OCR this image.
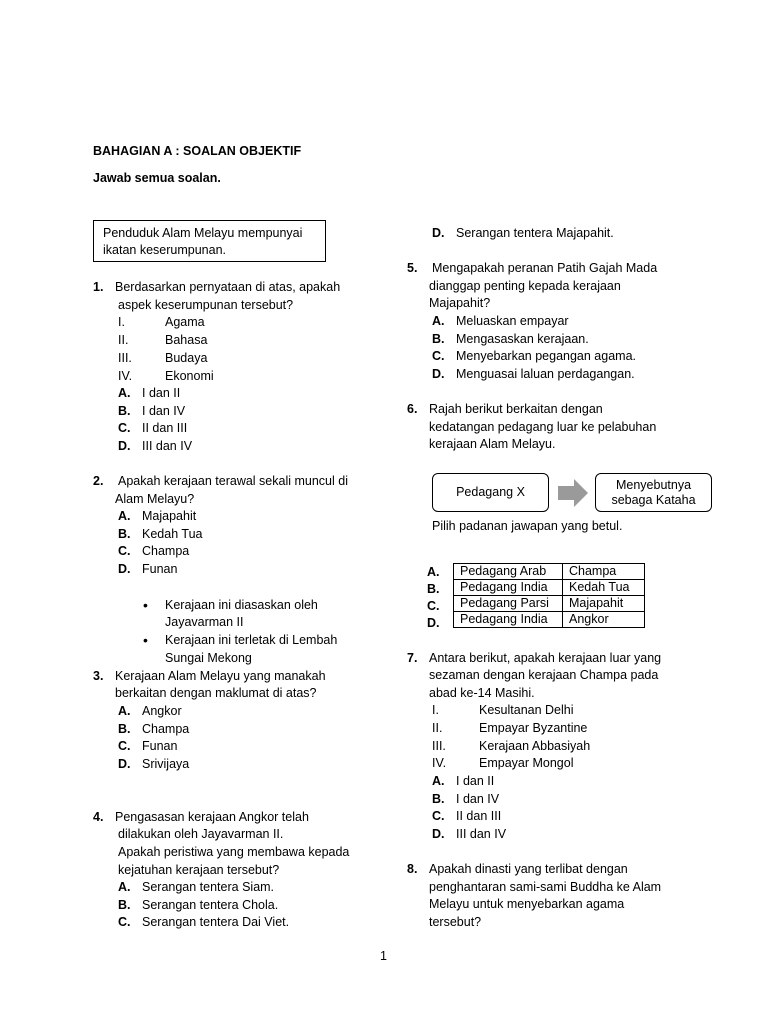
BAHAGIAN A : SOALAN OBJEKTIF
Jawab semua soalan.
Penduduk Alam Melayu mempunyai
ikatan keserumpunan.
1. Berdasarkan pernyataan di atas, apakah
aspek keserumpunan tersebut?
I.	Agama
II.	Bahasa
III.	Budaya
IV.	Ekonomi
A. I dan II
B. I dan IV
C. II dan III
D. III dan IV
2.	Apakah kerajaan terawal sekali muncul di
Alam Melayu?
A. Majapahit
B. Kedah Tua
C. Champa
D. Funan
• Kerajaan ini diasaskan oleh
Jayavarman II
• Kerajaan ini terletak di Lembah
Sungai Mekong
3. Kerajaan Alam Melayu yang manakah
berkaitan dengan maklumat di atas?
A. Angkor
B. Champa
C. Funan
D. Srivijaya
4. Pengasasan kerajaan Angkor telah
dilakukan oleh Jayavarman II.
Apakah peristiwa yang membawa kepada
kejatuhan kerajaan tersebut?
A. Serangan tentera Siam.
B. Serangan tentera Chola.
C. Serangan tentera Dai Viet.
D. Serangan tentera Majapahit.
5.	Mengapakah peranan Patih Gajah Mada
dianggap penting kepada kerajaan
Majapahit?
A. Meluaskan empayar
B. Mengasaskan kerajaan.
C. Menyebarkan pegangan agama.
D. Menguasai laluan perdagangan.
6. Rajah berikut berkaitan dengan
kedatangan pedagang luar ke pelabuhan
kerajaan Alam Melayu.
Pedagang X
Menyebutnya
sebaga Kataha
Pilih padanan jawapan yang betul.
A.
B.
C.
D.
Pedagang Arab	Champa
Pedagang India	Kedah Tua
Pedagang Parsi	Majapahit
Pedagang India	Angkor
7. Antara berikut, apakah kerajaan luar yang
sezaman dengan kerajaan Champa pada
abad ke-14 Masihi.
I.	Kesultanan Delhi
II.	Empayar Byzantine
III.	Kerajaan Abbasiyah
IV.	Empayar Mongol
A. I dan II
B. I dan IV
C. II dan III
D. III dan IV
8. Apakah dinasti yang terlibat dengan
penghantaran sami-sami Buddha ke Alam
Melayu untuk menyebarkan agama
tersebut?
1
